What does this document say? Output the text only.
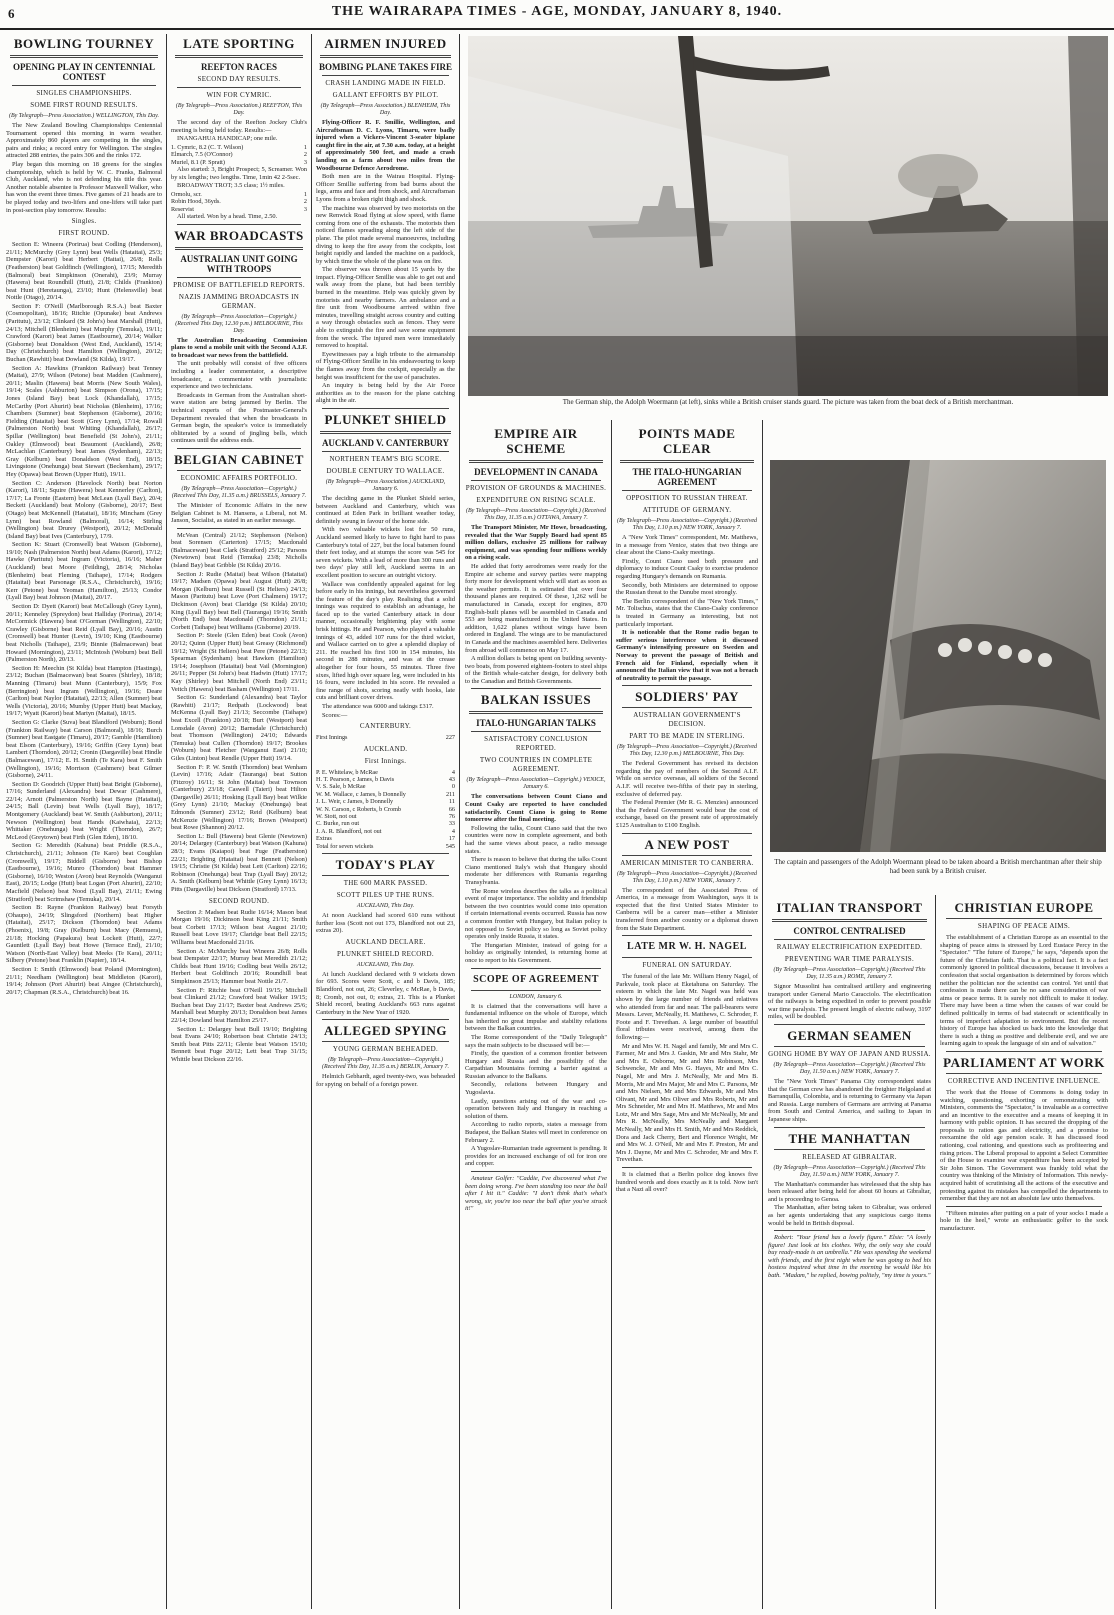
6	THE WAIRARAPA TIMES - AGE, MONDAY, JANUARY 8, 1940.
BOWLING TOURNEY
OPENING PLAY IN CENTENNIAL CONTEST
SINGLES CHAMPIONSHIPS.
SOME FIRST ROUND RESULTS.
(By Telegraph—Press Association.) WELLINGTON, This Day.

The New Zealand Bowling Championships Centennial Tournament opened this morning in warm weather. Approximately 860 players are competing in the singles, pairs and rinks; a record entry for Wellington. The singles attracted 288 entries, the pairs 306 and the rinks 172.

Play began this morning on 18 greens for the singles championship, which is held by W. C. Franks, Balmoral Club, Auckland, who is not defending his title this year. Another notable absentee is Professor Maxwell Walker, who has won the event three times. Five games of 21 heads are to be played today and two-lifers and one-lifers will take part in post-section play tomorrow. Results:

Singles.
FIRST ROUND.

Section E: Wineera (Porirua) beat Codling (Henderson), 21/11; McMurchy (Grey Lynn) beat Wells (Hataitai), 25/3; Dempster (Karori) beat Herbert (Haitai), 26/8; Rolls (Featherston) beat Goldfinch (Wellington), 17/15; Meredith (Balmoral) beat Simpkinson (Onerahi), 23/9; Murray (Hawera) beat Roundhill (Hutt), 21/8; Childs (Frankton) beat Hunt (Heretaunga), 23/10; Hunt (Helensville) beat Nottle (Otago), 20/14.

Section F: O'Neill (Marlborough R.S.A.) beat Baxter (Cosmopolitan), 18/16; Ritchie (Opunake) beat Andrews (Paritutu), 23/12; Clinkard (St John's) beat Marshall (Hutt), 24/13; Mitchell (Blenheim) beat Murphy (Temuka), 19/11; Crawford (Karori) beat James (Eastbourne), 20/14; Walker (Gisborne) beat Donaldson (West End, Auckland), 15/14; Day (Christchurch) beat Hamilton (Wellington), 20/12; Buchan (Rawhiti) beat Dowland (St Kilda), 19/17.

Section A: Hawkins (Frankton Railway) beat Tenney (Maitai), 27/9; Wilson (Petone) beat Madden (Cashmere), 20/11; Maslin (Hawera) beat Morris (New South Wales), 19/14; Scales (Ashburton) beat Simpson (Orona), 17/15; Jones (Island Bay) beat Lock (Khandallah), 17/15; McCarthy (Port Ahuriri) beat Nicholas (Blenheim), 17/16; Chambers (Sumner) beat Stephenson (Gisborne), 20/16; Fielding (Hataitai) beat Scott (Grey Lynn), 17/14; Rowall (Palmerston North) beat Whiting (Khandallah), 26/17; Spillar (Wellington) beat Benefield (St John's), 21/11; Oakley (Elmwood) beat Beaumont (Auckland), 26/8; McLachlan (Canterbury) beat James (Sydenham), 22/13; Gray (Kelburn) beat Donaldson (West End), 18/15; Livingstone (Onehunga) beat Stewart (Beckenham), 29/17; Hey (Opawa) beat Brown (Upper Hutt), 19/11.

Section C: Anderson (Havelock North) beat Norton (Karori), 18/11; Squire (Hawera) beat Kennerley (Carlton), 17/17; La Fronte (Eastern) beat McLean (Lyall Bay), 20/4; Beckett (Auckland) beat Molony (Gisborne), 20/17; Best (Otago) beat McKennell (Hataitai), 18/16; Mincham (Grey Lynn) beat Rowland (Balmoral), 16/14; Stirling (Wellington) beat Drurey (Westport), 20/12; McDonald (Island Bay) beat Ives (Canterbury), 17/9.

Section K: Stuart (Cromwell) beat Watson (Gisborne), 19/10; Nash (Palmerston North) beat Adams (Karori), 17/12; Hawke (Paritutu) beat Ingram (Victoria), 16/16; Maher (Auckland) beat Moore (Feilding), 28/14; Nicholas (Blenheim) beat Fleming (Taihape), 17/14; Rodgers (Hataitai) beat Parsonage (R.S.A., Christchurch), 19/16; Kerr (Petone) beat Yeoman (Hamilton), 25/13; Condor (Lyall Bay) beat Johnson (Maitai), 20/17.

Section D: Dyett (Karori) beat McCallough (Grey Lynn), 20/11; Kenneley (Spreydon) beat Halliday (Porirua), 20/14; McCormick (Hawera) beat O'Gorman (Wellington), 22/10; Crawley (Gisborne) beat Reid (Lyall Bay), 20/16; Austin (Cromwell) beat Hunter (Levin), 19/10; King (Eastbourne) beat Nicholls (Taihape), 23/9; Binnie (Balmacewan) beat Howard (Mornington), 23/11; McIntosh (Woburn) beat Bell (Palmerston North), 20/13.

Section H: Meechin (St Kilda) beat Hampton (Hastings), 23/12; Buchan (Balmacewan) beat Soares (Shirley), 18/18; Manning (Timaru) beat Munn (Canterbury), 15/9; Fox (Berrington) beat Ingram (Wellington), 19/16; Deare (Carlton) beat Naylor (Hataitai), 22/13; Allen (Sumner) beat Wells (Victoria), 20/16; Mumby (Upper Hutt) beat Mackay, 19/17; Wyatt (Karori) beat Martyn (Maitai), 18/15.

Section G: Clarke (Suva) beat Blandford (Woburn); Bond (Frankton Railway) beat Carson (Balmoral), 18/16; Burch (Sumner) beat Eastgate (Timaru), 20/17; Gamble (Hamilton) beat Elsom (Canterbury), 19/16; Griffin (Grey Lynn) beat Lambert (Thorndon), 20/12; Cronin (Dargaville) beat Hindle (Balmacewan), 17/12; E. H. Smith (Te Kara) beat F. Smith (Wellington), 19/16; Morrison (Cashmere) beat Gilmer (Gisborne), 24/11.

Section D: Goodrich (Upper Hutt) beat Bright (Gisborne), 17/16; Sunderland (Alexandra) beat Dewar (Cashmere), 22/14; Arnott (Palmerston North) beat Bayne (Hataitai), 24/15; Ball (Levin) beat Wells (Lyall Bay), 18/17; Montgomery (Auckland) beat W. Smith (Ashburton), 20/11; Newson (Wellington) beat Hands (Kaiwhaia), 22/13; Whittaker (Onehunga) beat Wright (Thorndon), 26/7; McLeod (Greytown) beat Firth (Glen Eden), 18/10.

Section G: Meredith (Kahuna) beat Priddle (R.S.A., Christchurch), 21/11; Johnson (Te Karo) beat Coughlan (Cromwell), 19/17; Biddell (Gisborne) beat Bishop (Eastbourne), 19/16; Munro (Thorndon) beat Hammer (Gisborne), 16/10; Weston (Avon) beat Reynolds (Wanganui East), 20/15; Lodge (Hutt) beat Logan (Port Ahuriri), 22/10; Macfield (Nelson) beat Nood (Lyall Bay), 21/11; Ewing (Stratford) beat Scrimshaw (Temuka), 20/14.

Section B: Rayne (Frankton Railway) beat Forsyth (Ohaupo), 24/19; Slingsford (Northern) beat Higher (Hataitai), 25/17; Dickson (Thorndon) beat Adams (Phoenix), 19/8; Gray (Kelburn) beat Macy (Remuera), 21/18; Hocking (Papakura) beat Lockett (Hutt), 22/7; Gauntlett (Lyall Bay) beat Howe (Terrace End), 21/10; Watson (North-East Valley) beat Meeks (Te Kara), 20/11; Silbery (Petone) beat Franklin (Napier), 18/14.

Section I: Smith (Elmwood) beat Poland (Mornington), 21/11; Needham (Wellington) beat Middleton (Karori), 19/14; Johnson (Port Ahuriri) beat Aingee (Christchurch), 20/17; Chapman (R.S.A., Christchurch) beat 16.

LATE SPORTING
REEFTON RACES
SECOND DAY RESULTS.
WIN FOR CYMRIC.
(By Telegraph—Press Association.) REEFTON, This Day.

The second day of the Reefton Jockey Club's meeting is being held today. Results:—

INANGAHUA HANDICAP; one mile.

1. Cymric, 8.2 (C. T. Wilson)	1
Elmarch, 7.5 (O'Connor)	2
Muriel, 8.1 (P. Spratt)	3

Also started: 3, Bright Prospect; 5, Screamer. Won by six lengths; two lengths. Time, 1min 42 2-5sec.

BROADWAY TROT; 3.5 class; 1½ miles.

Ormolu, scr.	1
Robin Hood, 36yds.	2
Reservist	3

All started. Won by a head. Time, 2.50.

WAR BROADCASTS
AUSTRALIAN UNIT GOING WITH TROOPS
PROMISE OF BATTLEFIELD REPORTS.
NAZIS JAMMING BROADCASTS IN GERMAN.
(By Telegraph—Press Association—Copyright.) (Received This Day, 12.30 p.m.) MELBOURNE, This Day.

The Australian Broadcasting Commission plans to send a mobile unit with the Second A.I.F. to broadcast war news from the battlefield.

The unit probably will consist of five officers including a leader commentator, a descriptive broadcaster, a commentator with journalistic experience and two technicians.

Broadcasts in German from the Australian short-wave station are being jammed by Berlin. The technical experts of the Postmaster-General's Department revealed that when the broadcasts in German begin, the speaker's voice is immediately obliterated by a sound of jingling bells, which continues until the address ends.

BELGIAN CABINET
ECONOMIC AFFAIRS PORTFOLIO.
(By Telegraph—Press Association—Copyright.) (Received This Day, 11.35 a.m.) BRUSSELS, January 7.

The Minister of Economic Affairs in the new Belgian Cabinet is M. Hansens, a Liberal, not M. Janson, Socialist, as stated in an earlier message.

McVean (Central) 21/12; Stephenson (Nelson) beat Sorensen (Carterton) 17/15; Macdonald (Balmacewan) beat Clark (Stratford) 25/12; Parsons (Newtown) beat Reid (Temuka) 23/8; Nicholls (Island Bay) beat Gribble (St Kilda) 20/16.

Section J: Rudie (Maitai) beat Wilson (Hataitai) 19/17; Madsen (Opawa) beat August (Hutt) 26/8; Morgan (Kelburn) beat Russell (St Heliers) 24/13; Mason (Paritutu) beat Love (Port Chalmers) 19/17; Dickinson (Avon) beat Claridge (St Kilda) 20/10; King (Lyall Bay) beat Bell (Tauranga) 19/16; Smith (North End) beat Macdonald (Thorndon) 21/11; Corbett (Taihape) beat Williams (Gisborne) 20/19.

Section P: Steele (Glen Eden) beat Cook (Avon) 20/12; Quinn (Upper Hutt) beat Greasy (Richmond) 19/12; Wright (St Heliers) beat Pere (Petone) 22/13; Spearman (Sydenham) beat Hawken (Hamilton) 19/14; Josephson (Hataitai) beat Vail (Mornington) 26/11; Pepper (St John's) beat Hadwin (Hutt) 17/17; Kay (Shirley) beat Mitchell (North End) 23/11; Veitch (Hawera) beat Basham (Wellington) 17/11.

Section G: Sunderland (Alexandra) beat Taylor (Rawhiti) 21/17; Redpath (Lockwood) beat McKenna (Lyall Bay) 21/13; Seccombe (Taihape) beat Excell (Frankton) 20/18; Burt (Westport) beat Lonsdale (Avon) 20/12; Barnsdale (Christchurch) beat Thomson (Wellington) 24/10; Edwards (Temuka) beat Cullen (Thorndon) 19/17; Brookes (Woburn) beat Fletcher (Wanganui East) 21/10; Giles (Linton) beat Rendle (Upper Hutt) 19/14.

Section F: P. W. Smith (Thorndon) beat Wenham (Levin) 17/16; Adair (Tauranga) beat Sutton (Fitzroy) 16/11; St John (Maitai) beat Townson (Canterbury) 23/18; Caswell (Taieri) beat Hilton (Dargaville) 26/11; Hosking (Lyall Bay) beat Wilkie (Grey Lynn) 21/10; Mackay (Onehunga) beat Edmonds (Sumner) 23/12; Reid (Kelburn) beat McKenzie (Wellington) 17/16; Brown (Westport) beat Rowe (Shannon) 20/12.

Section L: Bull (Hawera) beat Glenie (Newtown) 20/14; Delargey (Canterbury) beat Watson (Kahuna) 28/3; Evans (Kaiapoi) beat Fuge (Featherston) 22/21; Brighting (Hataitai) beat Bennett (Nelson) 19/15; Christie (St Kilda) beat Lett (Carlton) 22/16; Robinson (Onehunga) beat Trap (Lyall Bay) 20/12; A. Smith (Kelburn) beat Whittle (Grey Lynn) 16/13; Pitts (Dargaville) beat Dickson (Stratford) 17/13.

SECOND ROUND.

Section J: Madsen beat Rudie 16/14; Mason beat Morgan 19/16; Dickinson beat King 21/11; Smith beat Corbett 17/13; Wilson beat August 21/10; Russell beat Love 19/17; Claridge beat Bell 22/15; Williams beat Macdonald 21/16.

Section A: McMurchy beat Wineera 26/8; Rolls beat Dempster 22/17; Murray beat Meredith 21/12; Childs beat Hunt 19/16; Codling beat Wells 26/12; Herbert beat Goldfinch 20/16; Roundhill beat Simpkinson 25/13; Hammer beat Nottle 21/7.

Section F: Ritchie beat O'Neill 19/15; Mitchell beat Clinkard 21/12; Crawford beat Walker 19/15; Buchan beat Day 21/17; Baxter beat Andrews 25/6; Marshall beat Murphy 20/13; Donaldson beat James 22/14; Dowland beat Hamilton 25/17.

Section L: Delargey beat Bull 19/10; Brighting beat Evans 24/10; Robertson beat Christie 24/13; Smith beat Pitts 22/11; Glenie beat Watson 15/10; Bennett beat Fuge 20/12; Lett beat Trap 31/15; Whittle beat Dickson 22/16.

AIRMEN INJURED
BOMBING PLANE TAKES FIRE
CRASH LANDING MADE IN FIELD.
GALLANT EFFORTS BY PILOT.
(By Telegraph—Press Association.) BLENHEIM, This Day.

Flying-Officer R. F. Smillie, Wellington, and Aircraftsman D. C. Lyons, Timaru, were badly injured when a Vickers-Vincent 3-seater biplane caught fire in the air, at 7.30 a.m. today, at a height of approximately 500 feet, and made a crash landing on a farm about two miles from the Woodbourne Defence Aerodrome.

Both men are in the Wairau Hospital. Flying-Officer Smillie suffering from bad burns about the legs, arms and face and from shock, and Aircraftsman Lyons from a broken right thigh and shock.

The machine was observed by two motorists on the new Renwick Road flying at slow speed, with flame coming from one of the exhausts. The motorists then noticed flames spreading along the left side of the plane. The pilot made several manoeuvres, including diving to keep the fire away from the cockpits, lost height rapidly and landed the machine on a paddock, by which time the whole of the plane was on fire.

The observer was thrown about 15 yards by the impact. Flying-Officer Smillie was able to get out and walk away from the plane, but had been terribly burned in the meantime. Help was quickly given by motorists and nearby farmers. An ambulance and a fire unit from Woodbourne arrived within five minutes, travelling straight across country and cutting a way through obstacles such as fences. They were able to extinguish the fire and save some equipment from the wreck. The injured men were immediately removed to hospital.

Eyewitnesses pay a high tribute to the airmanship of Flying-Officer Smillie in his endeavouring to keep the flames away from the cockpit, especially as the height was insufficient for the use of parachutes.

An inquiry is being held by the Air Force authorities as to the reason for the plane catching alight in the air.

PLUNKET SHIELD
AUCKLAND V. CANTERBURY
NORTHERN TEAM'S BIG SCORE.
DOUBLE CENTURY TO WALLACE.
(By Telegraph—Press Association.) AUCKLAND, January 6.

The deciding game in the Plunket Shield series, between Auckland and Canterbury, which was continued at Eden Park in brilliant weather today, definitely swung in favour of the home side.

With two valuable wickets lost for 50 runs, Auckland seemed likely to have to fight hard to pass Canterbury's total of 227, but the local batsmen found their feet today, and at stumps the score was 545 for seven wickets. With a lead of more than 300 runs and two days' play still left, Auckland seems in an excellent position to secure an outright victory.

Wallace was confidently appealed against for leg before early in his innings, but nevertheless governed the feature of the day's play. Realising that a solid innings was required to establish an advantage, he faced up to the varied Canterbury attack in dour manner, occasionally brightening play with some brisk hittings. He and Pearson, who played a valuable innings of 43, added 107 runs for the third wicket, and Wallace carried on to give a splendid display of 211. He reached his first 100 in 154 minutes, his second in 288 minutes, and was at the crease altogether for four hours, 55 minutes. Three five sixes, lifted high over square leg, were included in his 16 fours, were included in his score. He revealed a fine range of shots, scoring neatly with hooks, late cuts and brilliant cover drives.

The attendance was 6000 and takings £317.

Scores:—

CANTERBURY.
First Innings	227
AUCKLAND.
First Innings.
P. E. Whitelaw, b McRae	4
H. T. Pearson, c James, b Davis	43
V. S. Sale, b McRae	0
W. M. Wallace, c James, b Donnelly	211
J. L. Weir, c James, b Donnelly	11
W. N. Carson, c Roberts, b Cromb	66
W. Stott, not out	76
C. Burke, run out	33
J. A. R. Blandford, not out	4
Extras	17
Total for seven wickets	545
TODAY'S PLAY
THE 600 MARK PASSED.
SCOTT PILES UP THE RUNS.
AUCKLAND, This Day.

At noon Auckland had scored 610 runs without further loss (Scott not out 173, Blandford not out 23, extras 20).

AUCKLAND DECLARE.
PLUNKET SHIELD RECORD.
AUCKLAND, This Day.

At lunch Auckland declared with 9 wickets down for 693. Scores were Scott, c and b Davis, 185; Blandford, not out, 26; Cleverley, c McRae, b Davis, 8; Cromb, not out, 0; extras, 21. This is a Plunket Shield record, beating Auckland's 663 runs against Canterbury in the New Year of 1920.

ALLEGED SPYING
YOUNG GERMAN BEHEADED.
(By Telegraph—Press Association—Copyright.) (Received This Day, 11.35 a.m.) BERLIN, January 7.

Helmich Gebhardt, aged twenty-two, was beheaded for spying on behalf of a foreign power.

The German ship, the Adolph Woermann (at left), sinks while a British cruiser stands guard. The picture was taken from the boat deck of a British merchantman.
EMPIRE AIR SCHEME
DEVELOPMENT IN CANADA
PROVISION OF GROUNDS & MACHINES.
EXPENDITURE ON RISING SCALE.
(By Telegraph—Press Association—Copyright.) (Received This Day, 11.35 a.m.) OTTAWA, January 7.

The Transport Minister, Mr Howe, broadcasting, revealed that the War Supply Board had spent 85 million dollars, exclusive 25 millions for railway equipment, and was spending four millions weekly on a rising scale.

He added that forty aerodromes were ready for the Empire air scheme and survey parties were mapping forty more for development which will start as soon as the weather permits. It is estimated that over four thousand planes are required. Of these, 1,262 will be manufactured in Canada, except for engines, 870 English-built planes will be assembled in Canada and 553 are being manufactured in the United States. In addition, 1,622 planes without wings have been ordered in England. The wings are to be manufactured in Canada and the machines assembled here. Deliveries from abroad will commence on May 17.

A million dollars is being spent on building seventy-two boats, from powered eighteen-footers to steel ships of the British whale-catcher design, for delivery both to the Canadian and British Governments.

BALKAN ISSUES
ITALO-HUNGARIAN TALKS
SATISFACTORY CONCLUSION REPORTED.
TWO COUNTRIES IN COMPLETE AGREEMENT.
(By Telegraph—Press Association—Copyright.) VENICE, January 6.

The conversations between Count Ciano and Count Csaky are reported to have concluded satisfactorily. Count Ciano is going to Rome tomorrow after the final meeting.

Following the talks, Count Ciano said that the two countries were now in complete agreement, and both had the same views about peace, a radio message states.

There is reason to believe that during the talks Count Ciano mentioned Italy's wish that Hungary should moderate her differences with Rumania regarding Transylvania.

The Rome wireless describes the talks as a political event of major importance. The solidity and friendship between the two countries would come into operation if certain international events occurred. Russia has now a common frontier with Hungary, but Italian policy is not opposed to Soviet policy so long as Soviet policy operates only inside Russia, it states.

The Hungarian Minister, instead of going for a holiday as originally intended, is returning home at once to report to his Government.

SCOPE OF AGREEMENT
LONDON, January 6.

It is claimed that the conversations will have a fundamental influence on the whole of Europe, which has inherited no great impulse and stability relations between the Balkan countries.

The Rome correspondent of the "Daily Telegraph" says the main subjects to be discussed will be:—

Firstly, the question of a common frontier between Hungary and Russia and the possibility of the Carpathian Mountains forming a barrier against a Russian advance to the Balkans.

Secondly, relations between Hungary and Yugoslavia.

Lastly, questions arising out of the war and co-operation between Italy and Hungary in reaching a solution of them.

According to radio reports, states a message from Budapest, the Balkan States will meet in conference on February 2.

A Yugoslav-Rumanian trade agreement is pending. It provides for an increased exchange of oil for iron ore and copper.

Amateur Golfer: "Caddie, I've discovered what I've been doing wrong. I've been standing too near the ball after I hit it." Caddie: "I don't think that's what's wrong, sir, you're too near the ball after you've struck it!"

POINTS MADE CLEAR
THE ITALO-HUNGARIAN AGREEMENT
OPPOSITION TO RUSSIAN THREAT.
ATTITUDE OF GERMANY.
(By Telegraph—Press Association—Copyright.) (Received This Day, 1.10 p.m.) NEW YORK, January 7.

A "New York Times" correspondent, Mr. Matthews, in a message from Venice, states that two things are clear about the Ciano-Csaky meetings.

Firstly, Count Ciano used both pressure and diplomacy to induce Count Csaky to exercise prudence regarding Hungary's demands on Rumania.

Secondly, both Ministers are determined to oppose the Russian threat to the Danube most strongly.

The Berlin correspondent of the "New York Times," Mr. Tolischus, states that the Ciano-Csaky conference is treated in Germany as interesting, but not particularly important.

It is noticeable that the Rome radio began to suffer serious interference when it discussed Germany's intensifying pressure on Sweden and Norway to prevent the passage of British and French aid for Finland, especially when it announced the Italian view that it was not a breach of neutrality to permit the passage.

SOLDIERS' PAY
AUSTRALIAN GOVERNMENT'S DECISION.
PART TO BE MADE IN STERLING.
(By Telegraph—Press Association—Copyright.) (Received This Day, 12.30 p.m.) MELBOURNE, This Day.

The Federal Government has revised its decision regarding the pay of members of the Second A.I.F. While on service overseas, all soldiers of the Second A.I.F. will receive two-fifths of their pay in sterling, exclusive of deferred pay.

The Federal Premier (Mr R. G. Menzies) announced that the Federal Government would bear the cost of exchange, based on the present rate of approximately £125 Australian to £100 English.

A NEW POST
AMERICAN MINISTER TO CANBERRA.
(By Telegraph—Press Association—Copyright.) (Received This Day, 1.10 p.m.) NEW YORK, January 7.

The correspondent of the Associated Press of America, in a message from Washington, says it is expected that the first United States Minister to Canberra will be a career man—either a Minister transferred from another country or a diplomat drawn from the State Department.

LATE MR W. H. NAGEL
FUNERAL ON SATURDAY.

The funeral of the late Mr. William Henry Nagel, of Parkvale, took place at Eketahuna on Saturday. The esteem in which the late Mr. Nagel was held was shown by the large number of friends and relatives who attended from far and near. The pall-bearers were Messrs. Lever, McNeally, H. Matthews, C. Schroder, F. Foote and F. Trevethan. A large number of beautiful floral tributes were received, among them the following:—

Mr and Mrs W. H. Nagel and family, Mr and Mrs C. Farmer, Mr and Mrs J. Gaskin, Mr and Mrs Stahr, Mr and Mrs E. Osborne, Mr and Mrs Robinson, Mrs Schwencke, Mr and Mrs G. Hayes, Mr and Mrs C. Nagel, Mr and Mrs J. McNeally, Mr and Mrs B. Morris, Mr and Mrs Major, Mr and Mrs C. Parsons, Mr and Mrs Nielsen, Mr and Mrs Edwards, Mr and Mrs Olivant, Mr and Mrs Oliver and Mrs Roberts, Mr and Mrs Schneider, Mr and Mrs H. Matthews, Mr and Mrs Lotz, Mr and Mrs Sage, Mrs and Mr McNeally, Mr and Mrs R. McNeally, Mrs McNeally and Margaret McNeally, Mr and Mrs H. Smith, Mr and Mrs Reddick, Dora and Jack Cherry, Bert and Florence Wright, Mr and Mrs W. J. O'Neil, Mr and Mrs F. Preston, Mr and Mrs J. Dayne, Mr and Mrs C. Schroder, Mr and Mrs F. Trevethan.

It is claimed that a Berlin police dog knows five hundred words and does exactly as it is told. Now isn't that a Nazi all over?

The captain and passengers of the Adolph Woermann plead to be taken aboard a British merchantman after their ship had been sunk by a British cruiser.
ITALIAN TRANSPORT
CONTROL CENTRALISED
RAILWAY ELECTRIFICATION EXPEDITED.
PREVENTING WAR TIME PARALYSIS.
(By Telegraph—Press Association—Copyright.) (Received This Day, 11.35 a.m.) ROME, January 7.

Signor Mussolini has centralised artillery and engineering transport under General Mario Caracciolo. The electrification of the railways is being expedited in order to prevent possible war time paralysis. The present length of electric railway, 3197 miles, will be doubled.

GERMAN SEAMEN
GOING HOME BY WAY OF JAPAN AND RUSSIA.
(By Telegraph—Press Association—Copyright.) (Received This Day, 11.50 a.m.) NEW YORK, January 7.

The "New York Times" Panama City correspondent states that the German crew has abandoned the freighter Helgoland at Barranquilla, Colombia, and is returning to Germany via Japan and Russia. Large numbers of Germans are arriving at Panama from South and Central America, and sailing to Japan in Japanese ships.

THE MANHATTAN
RELEASED AT GIBRALTAR.
(By Telegraph—Press Association—Copyright.) (Received This Day, 11.50 a.m.) NEW YORK, January 7.

The Manhattan's commander has wirelessed that the ship has been released after being held for about 60 hours at Gibraltar, and is proceeding to Genoa.

The Manhattan, after being taken to Gibraltar, was ordered as her agents undertaking that any suspicious cargo items would be held in British disposal.

Robert: "Your friend has a lovely figure." Elsie: "A lovely figure! Just look at his clothes. Why, the only way she could buy ready-made is an umbrella." He was spending the weekend with friends, and the first night when he was going to bed his hostess inquired what time in the morning he would like his bath. "Madam," he replied, bowing politely, "my time is yours."

CHRISTIAN EUROPE
SHAPING OF PEACE AIMS.

The establishment of a Christian Europe as an essential to the shaping of peace aims is stressed by Lord Eustace Percy in the "Spectator." "The future of Europe," he says, "depends upon the future of the Christian faith. That is a political fact. It is a fact commonly ignored in political discussions, because it involves a confession that social organisation is determined by forces which neither the politician nor the scientist can control. Yet until that confession is made there can be no sane consideration of war aims or peace terms. It is surely not difficult to make it today. There may have been a time when the causes of war could be defined politically in terms of bad statecraft or scientifically in terms of imperfect adaptation to environment. But the recent history of Europe has shocked us back into the knowledge that there is such a thing as positive and deliberate evil, and we are learning again to speak the language of sin and of salvation."

PARLIAMENT AT WORK
CORRECTIVE AND INCENTIVE INFLUENCE.

The work that the House of Commons is doing today in watching, questioning, exhorting or remonstrating with Ministers, comments the "Spectator," is invaluable as a corrective and an incentive to the executive and a means of keeping it in harmony with public opinion. It has secured the dropping of the proposals to ration gas and electricity, and a promise to reexamine the old age pension scale. It has discussed food rationing, coal rationing, and questions such as profiteering and rising prices. The Liberal proposal to appoint a Select Committee of the House to examine war expenditure has been accepted by Sir John Simon. The Government was frankly told what the country was thinking of the Ministry of Information. This newly-acquired habit of scrutinising all the actions of the executive and protesting against its mistakes has compelled the departments to remember that they are not an absolute law unto themselves.

"Fifteen minutes after putting on a pair of your socks I made a hole in the heel," wrote an enthusiastic golfer to the sock manufacturer.
